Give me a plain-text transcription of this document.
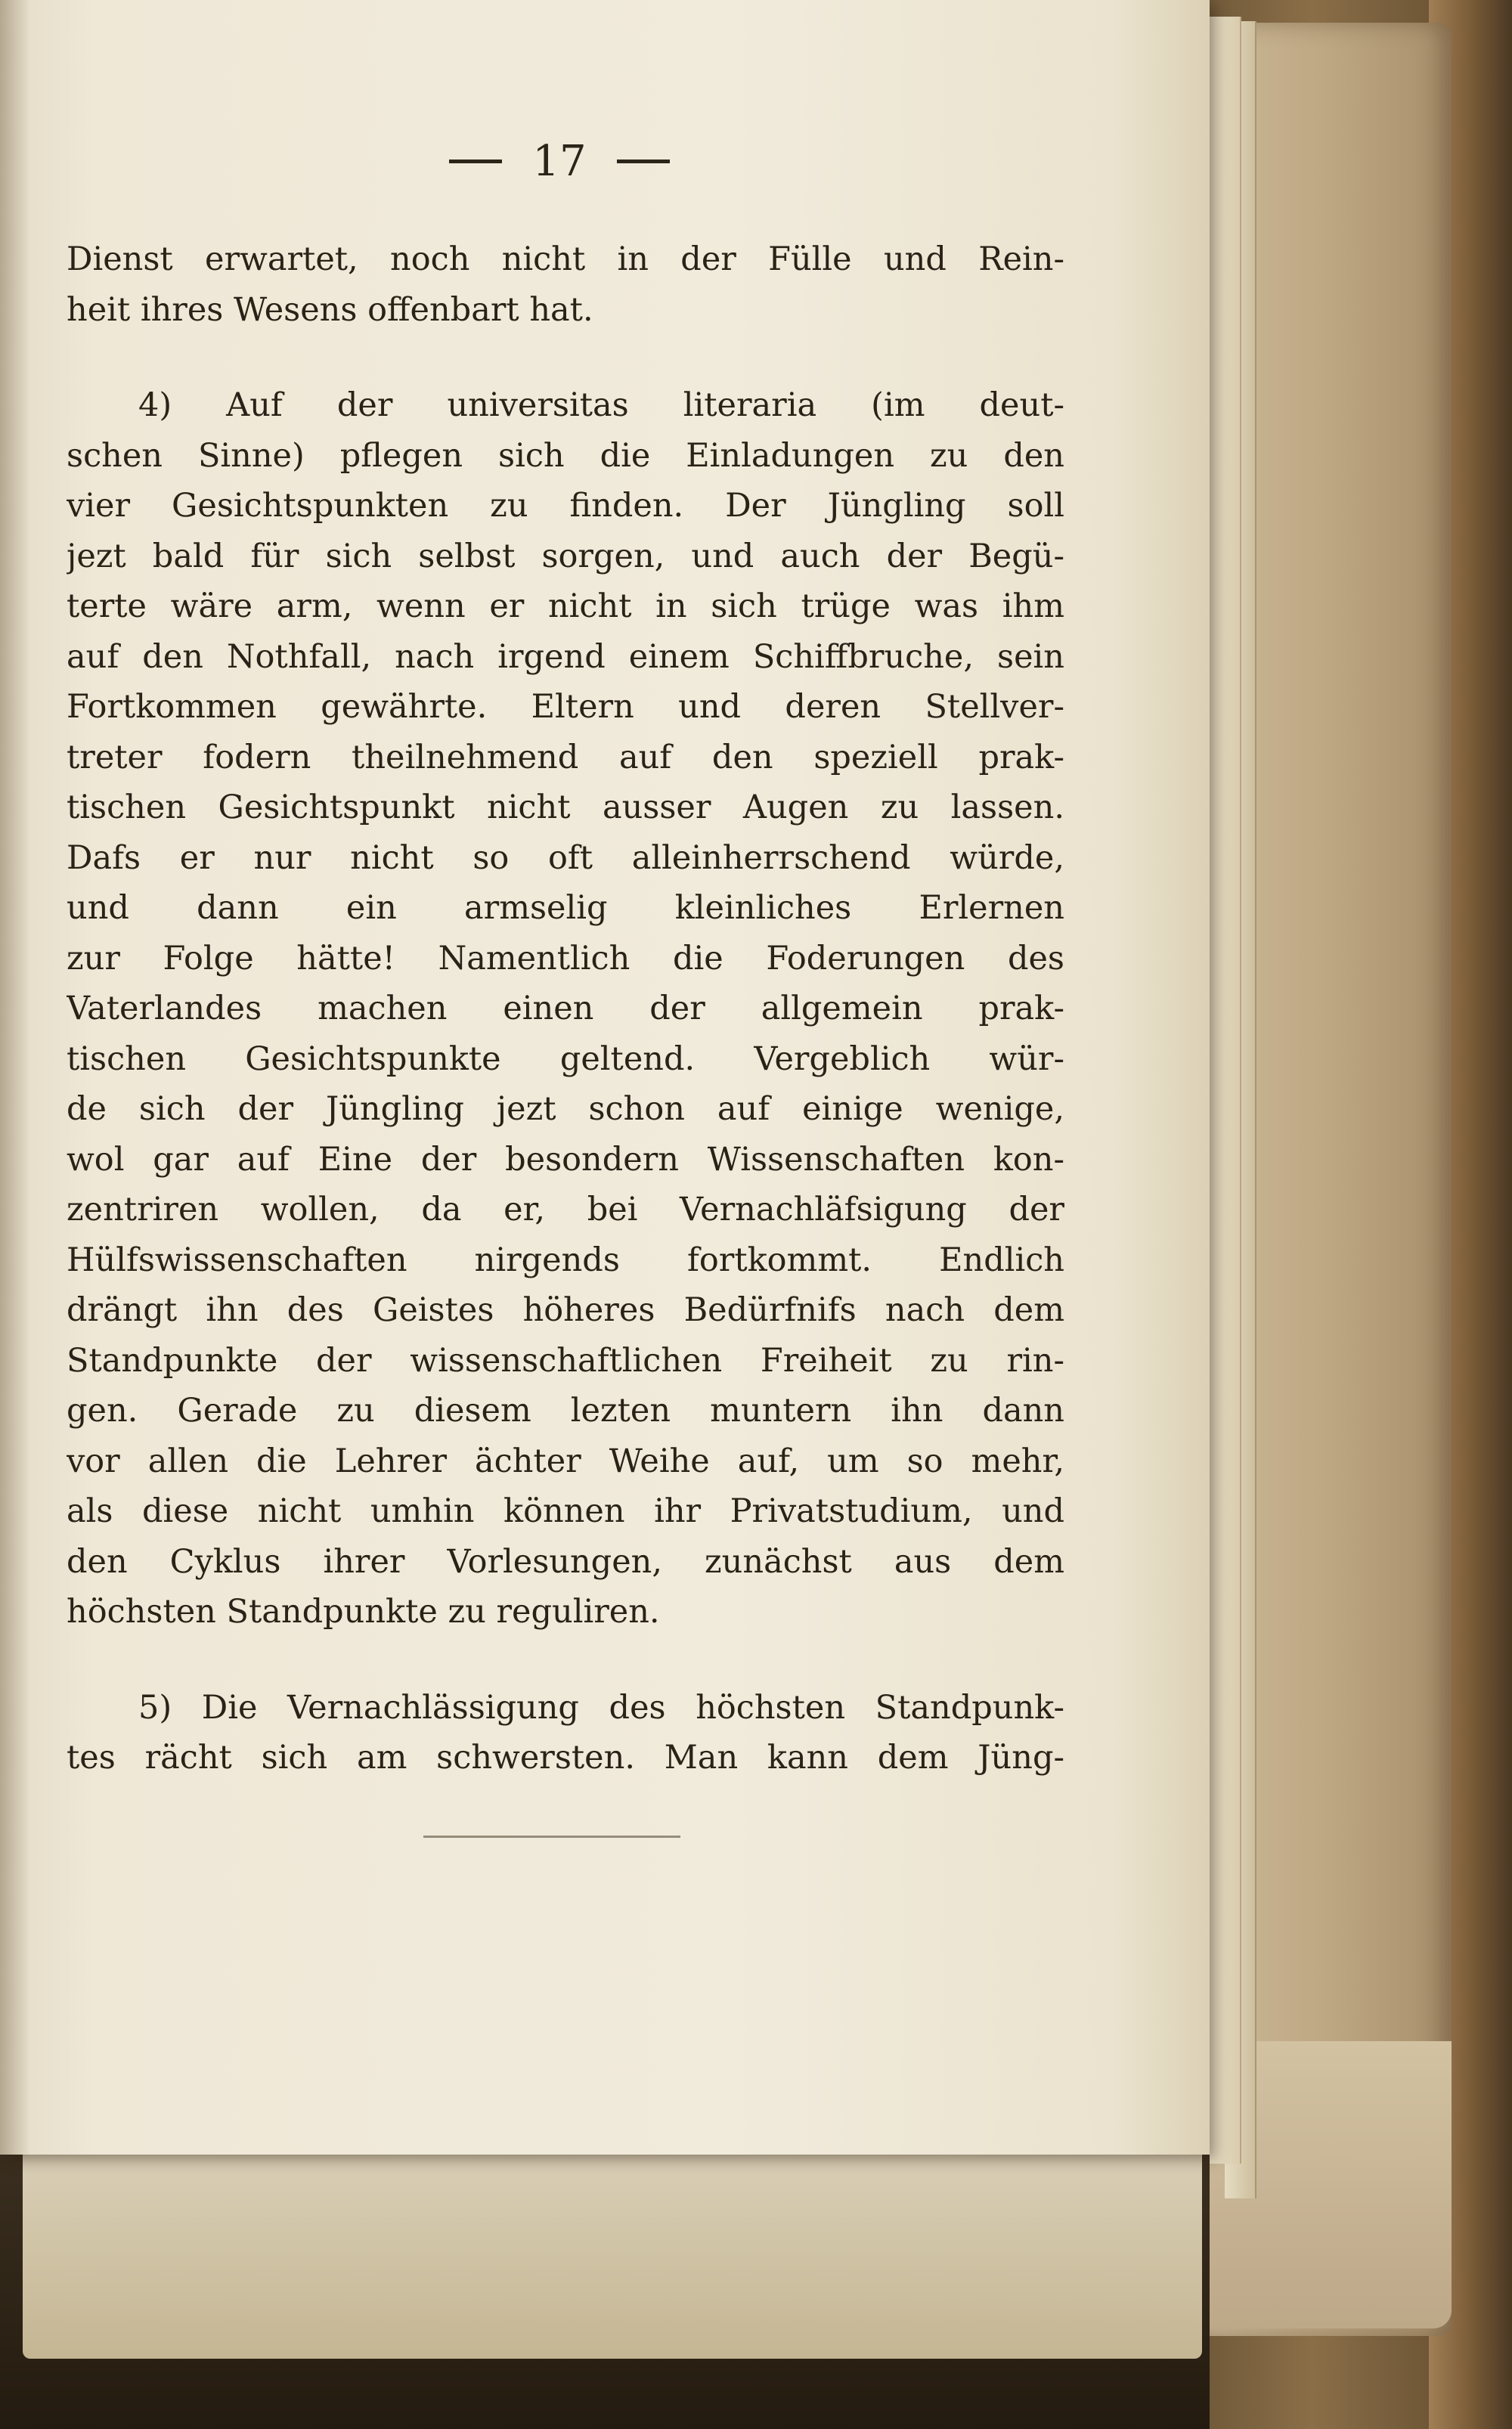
17
Dienst erwartet, noch nicht in der Fülle und Rein-
heit ihres Wesens offenbart hat.
4) Auf der universitas literaria (im deut-
schen Sinne) pflegen sich die Einladungen zu den
vier Gesichtspunkten zu finden. Der Jüngling soll
jezt bald für sich selbst sorgen, und auch der Begü-
terte wäre arm, wenn er nicht in sich trüge was ihm
auf den Nothfall, nach irgend einem Schiffbruche, sein
Fortkommen gewährte. Eltern und deren Stellver-
treter fodern theilnehmend auf den speziell prak-
tischen Gesichtspunkt nicht ausser Augen zu lassen.
Dafs er nur nicht so oft alleinherrschend würde,
und dann ein armselig kleinliches Erlernen
zur Folge hätte! Namentlich die Foderungen des
Vaterlandes machen einen der allgemein prak-
tischen Gesichtspunkte geltend. Vergeblich wür-
de sich der Jüngling jezt schon auf einige wenige,
wol gar auf Eine der besondern Wissenschaften kon-
zentriren wollen, da er, bei Vernachläfsigung der
Hülfswissenschaften nirgends fortkommt. Endlich
drängt ihn des Geistes höheres Bedürfnifs nach dem
Standpunkte der wissenschaftlichen Freiheit zu rin-
gen. Gerade zu diesem lezten muntern ihn dann
vor allen die Lehrer ächter Weihe auf, um so mehr,
als diese nicht umhin können ihr Privatstudium, und
den Cyklus ihrer Vorlesungen, zunächst aus dem
höchsten Standpunkte zu reguliren.
5) Die Vernachlässigung des höchsten Standpunk-
tes rächt sich am schwersten. Man kann dem Jüng-
